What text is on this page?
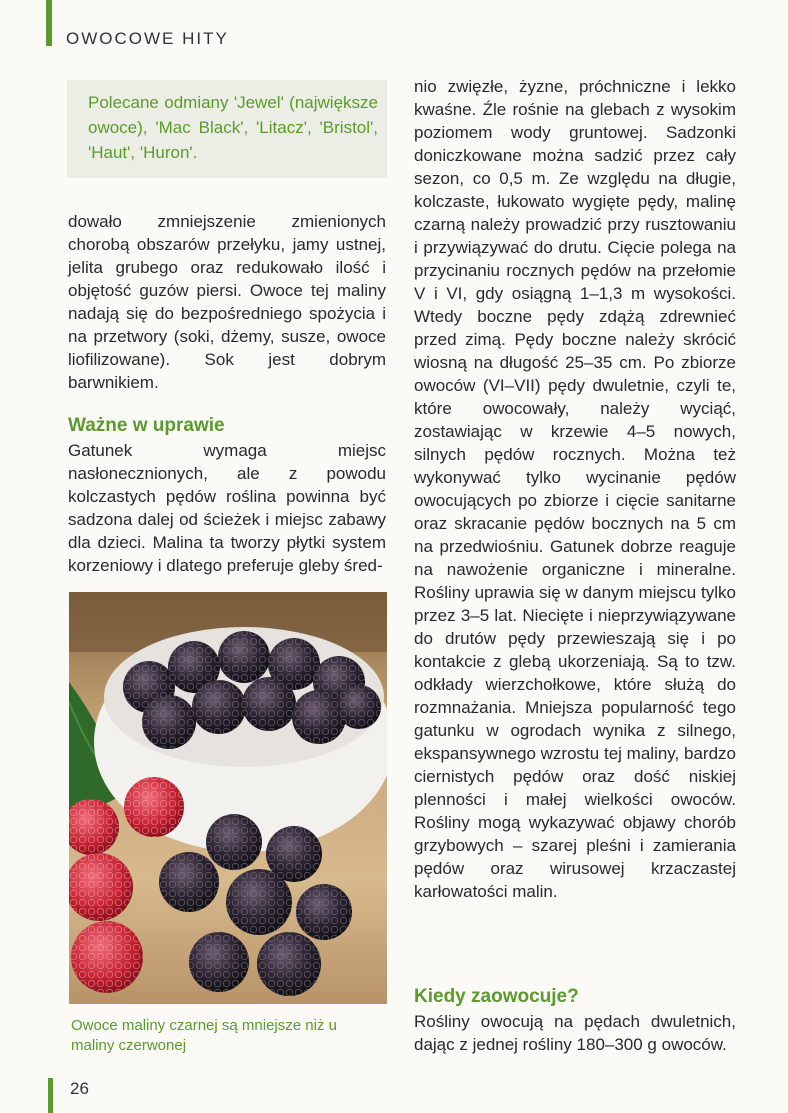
OWOCOWE HITY
Polecane odmiany 'Jewel' (największe owoce), 'Mac Black', 'Litacz', 'Bristol', 'Haut', 'Huron'.

dowało zmniejszenie zmienionych chorobą obszarów przełyku, jamy ustnej, jelita grubego oraz redukowało ilość i objętość guzów piersi. Owoce tej maliny nadają się do bezpośredniego spożycia i na przetwory (soki, dżemy, susze, owoce liofilizowane). Sok jest dobrym barwnikiem.

Ważne w uprawie

Gatunek wymaga miejsc nasłonecznionych, ale z powodu kolczastych pędów roślina powinna być sadzona dalej od ścieżek i miejsc zabawy dla dzieci. Malina ta tworzy płytki system korzeniowy i dlatego preferuje gleby śred-

Owoce maliny czarnej są mniejsze niż u maliny czerwonej

nio zwięzłe, żyzne, próchniczne i lekko kwaśne. Źle rośnie na glebach z wysokim poziomem wody gruntowej. Sadzonki doniczkowane można sadzić przez cały sezon, co 0,5 m. Ze względu na długie, kolczaste, łukowato wygięte pędy, malinę czarną należy prowadzić przy rusztowaniu i przywiązywać do drutu. Cięcie polega na przycinaniu rocznych pędów na przełomie V i VI, gdy osiągną 1–1,3 m wysokości. Wtedy boczne pędy zdążą zdrewnieć przed zimą. Pędy boczne należy skrócić wiosną na długość 25–35 cm. Po zbiorze owoców (VI–VII) pędy dwuletnie, czyli te, które owocowały, należy wyciąć, zostawiając w krzewie 4–5 nowych, silnych pędów rocznych. Można też wykonywać tylko wycinanie pędów owocujących po zbiorze i cięcie sanitarne oraz skracanie pędów bocznych na 5 cm na przedwiośniu. Gatunek dobrze reaguje na nawożenie organiczne i mineralne. Rośliny uprawia się w danym miejscu tylko przez 3–5 lat. Niecięte i nieprzywiązywane do drutów pędy przewieszają się i po kontakcie z glebą ukorzeniają. Są to tzw. odkłady wierzchołkowe, które służą do rozmnażania. Mniejsza popularność tego gatunku w ogrodach wynika z silnego, ekspansywnego wzrostu tej maliny, bardzo ciernistych pędów oraz dość niskiej plenności i małej wielkości owoców. Rośliny mogą wykazywać objawy chorób grzybowych – szarej pleśni i zamierania pędów oraz wirusowej krzaczastej karłowatości malin.

Kiedy zaowocuje?

Rośliny owocują na pędach dwuletnich, dając z jednej rośliny 180–300 g owoców.

26
